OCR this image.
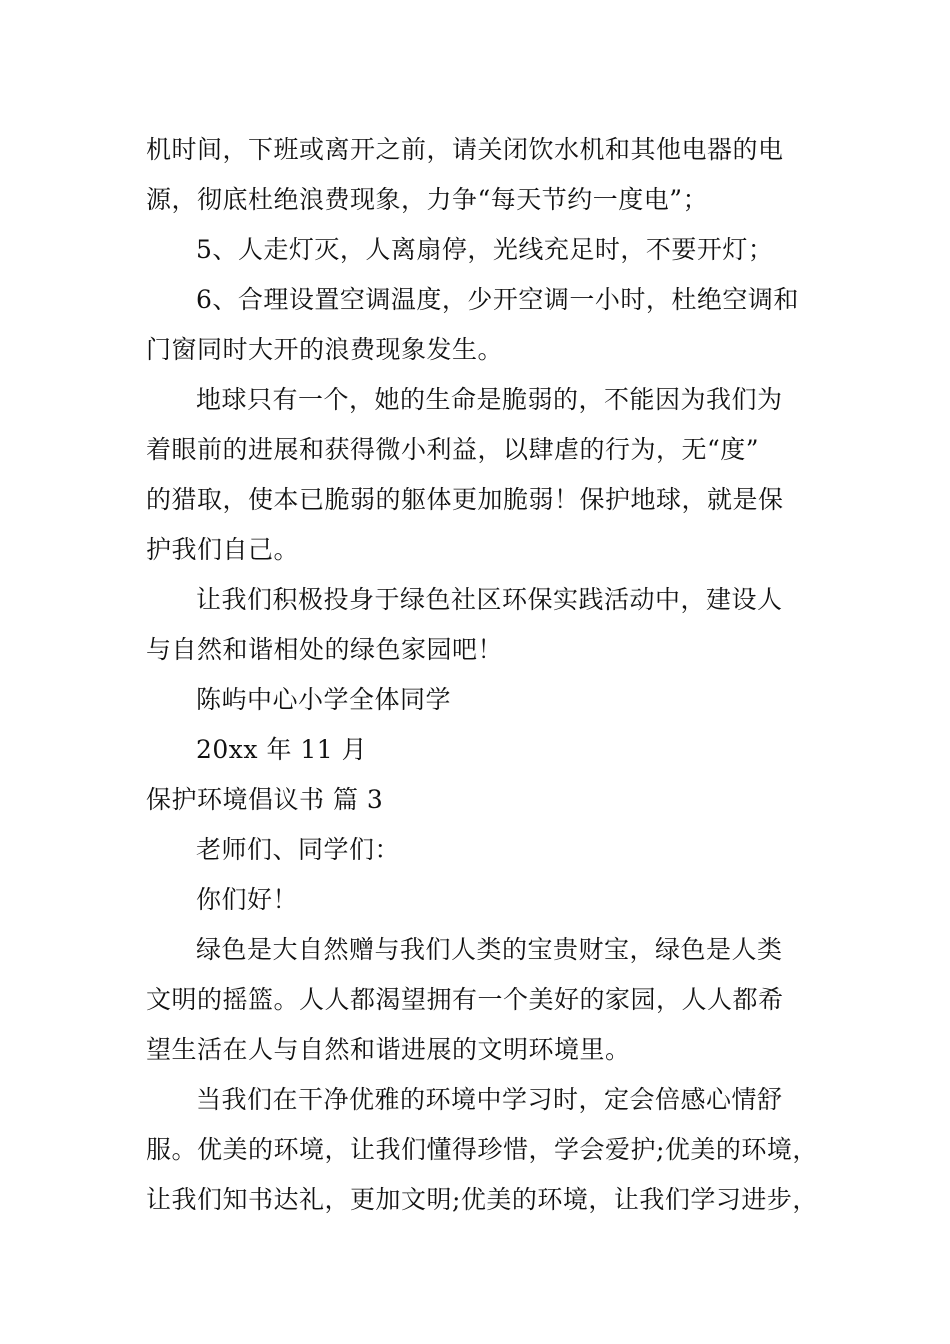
机时间，下班或离开之前，请关闭饮水机和其他电器的电
源，彻底杜绝浪费现象，力争“每天节约一度电”；
5、人走灯灭，人离扇停，光线充足时，不要开灯；
6、合理设置空调温度，少开空调一小时，杜绝空调和
门窗同时大开的浪费现象发生。
地球只有一个，她的生命是脆弱的，不能因为我们为
着眼前的进展和获得微小利益，以肆虐的行为，无“度”
的猎取，使本已脆弱的躯体更加脆弱！保护地球，就是保
护我们自己。
让我们积极投身于绿色社区环保实践活动中，建设人
与自然和谐相处的绿色家园吧！
陈屿中心小学全体同学
20xx 年 11 月
保护环境倡议书 篇 3
老师们、同学们：
你们好！
绿色是大自然赠与我们人类的宝贵财宝，绿色是人类
文明的摇篮。人人都渴望拥有一个美好的家园，人人都希
望生活在人与自然和谐进展的文明环境里。
当我们在干净优雅的环境中学习时，定会倍感心情舒
服。优美的环境，让我们懂得珍惜，学会爱护;优美的环境，
让我们知书达礼，更加文明;优美的环境，让我们学习进步，
